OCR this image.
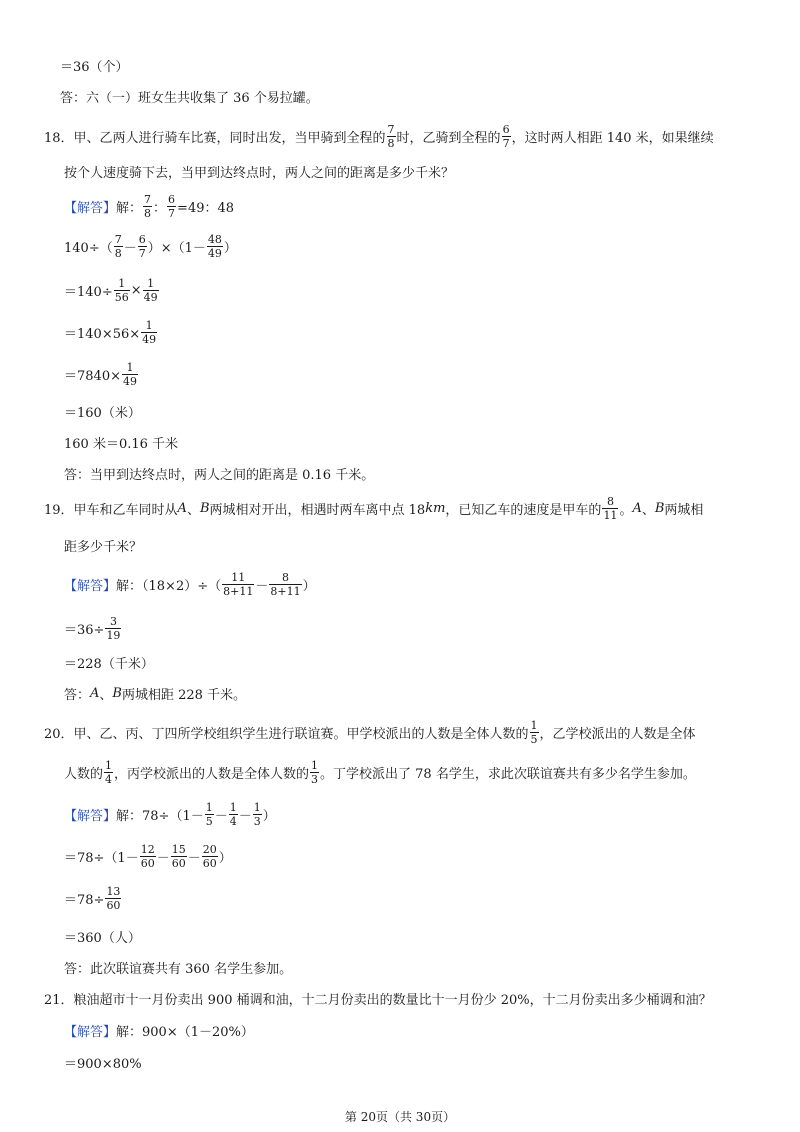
＝36（个）
答：六（一）班女生共收集了 36 个易拉罐。
18．甲、乙两人进行骑车比赛，同时出发，当甲骑到全程的
7
8 时，乙骑到全程的
6
7 ，这时两人相距 140 米，如果继续
按个人速度骑下去，当甲到达终点时，两人之间的距离是多少千米？
【解答】 解：
7
8 ： $\frac{6}{7} =49$：48
140÷（
7
8 －
6
7 ）×（1－
48
49 ）
$=140\div \frac{1}{56} \times \frac{1}{49}$
$=140\times 56\times \frac{1}{49}$
$=7840\times \frac{1}{49}$
＝160（米）
160 米＝0.16 千米
答：当甲到达终点时，两人之间的距离是 0.16 千米。
19．甲车和乙车同时从 A 、 B 两城相对开出，相遇时两车离中点 18 km ，已知乙车的速度是甲车的
8
11 。 A 、 B 两城相
距多少千米？
【解答】 解：（18×2）÷（
11
8+11 －
8
8+11 ）
$=36\div \frac{3}{19}$
＝228（千米）
答： A 、 B 两城相距 228 千米。
20．甲、乙、丙、丁四所学校组织学生进行联谊赛。甲学校派出的人数是全体人数的
1
5 ，乙学校派出的人数是全体
人数的
1
4 ，丙学校派出的人数是全体人数的
1
3 。丁学校派出了 78 名学生，求此次联谊赛共有多少名学生参加。
【解答】 解：78÷（1－
1
5 －
1
4 －
1
3 ）
＝78÷（1－
12
60 －
15
60 －
20
60 ）
$=78\div \frac{13}{60}$
＝360（人）
答：此次联谊赛共有 360 名学生参加。
21．粮油超市十一月份卖出 900 桶调和油，十二月份卖出的数量比十一月份少 20%，十二月份卖出多少桶调和油？
【解答】 解：900×（1－20%）
＝900×80%
第 20页（共 30页）
